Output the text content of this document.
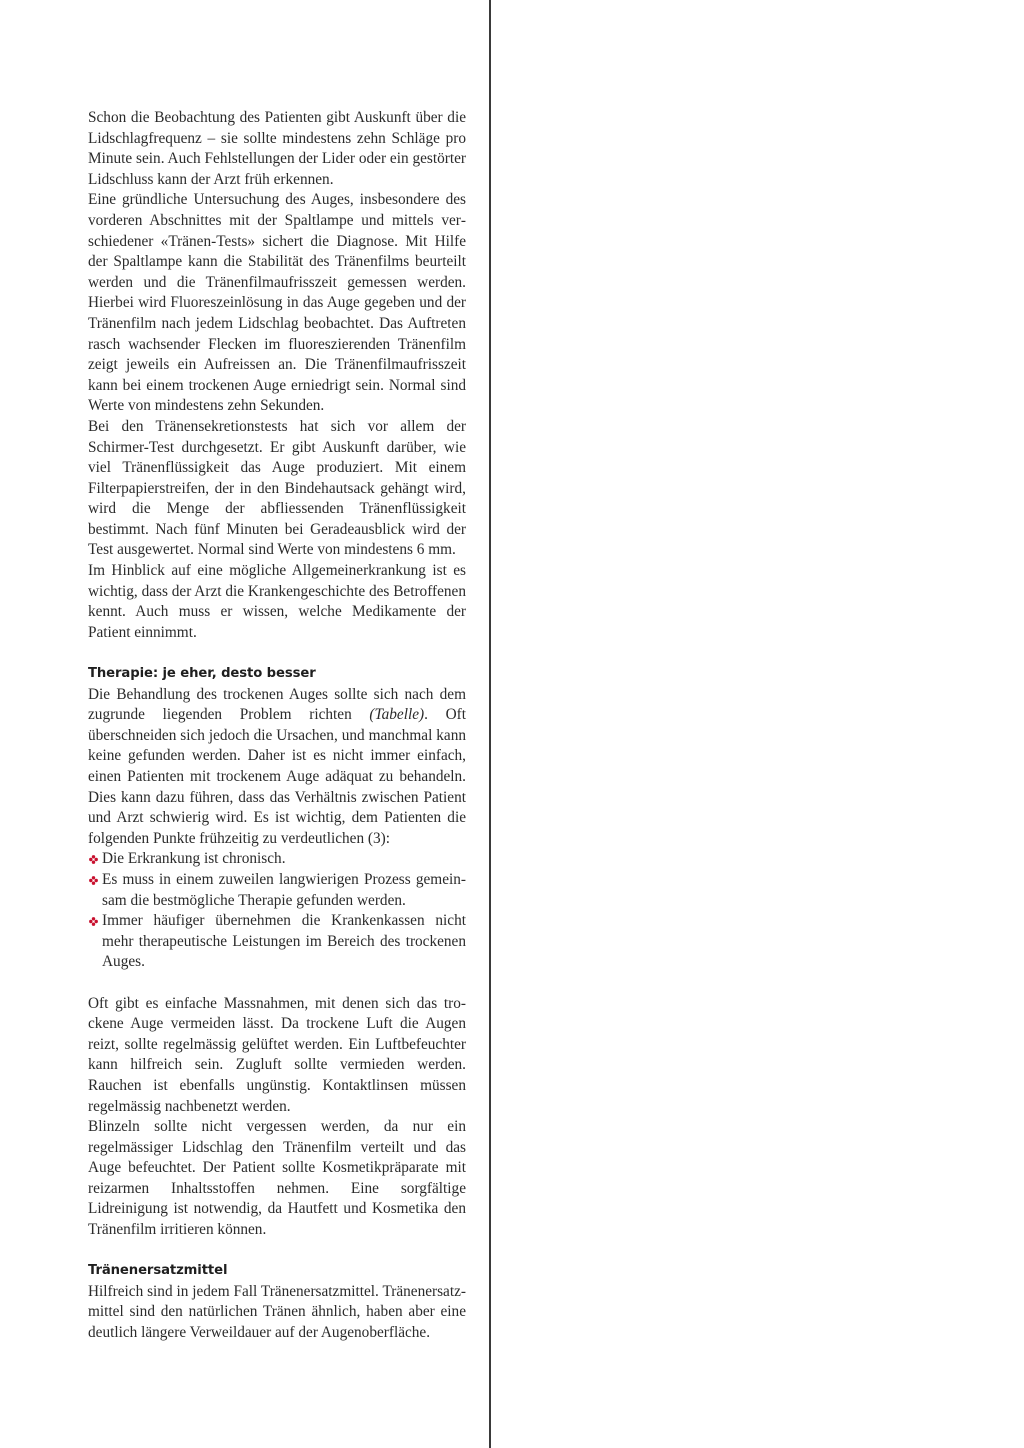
Schon die Beobachtung des Patienten gibt Auskunft über die Lidschlagfrequenz – sie sollte mindestens zehn Schläge pro Minute sein. Auch Fehlstellungen der Lider oder ein gestörter Lidschluss kann der Arzt früh erkennen.

Eine gründliche Untersuchung des Auges, insbesondere des vorderen Abschnittes mit der Spaltlampe und mittels verschiedener «Tränen-Tests» sichert die Diagnose. Mit Hilfe der Spaltlampe kann die Stabilität des Tränenfilms beurteilt werden und die Tränenfilmaufrisszeit gemessen werden. Hierbei wird Fluoreszeinlösung in das Auge gegeben und der Tränenfilm nach jedem Lidschlag beobachtet. Das Auftreten rasch wachsender Flecken im fluoreszierenden Tränenfilm zeigt jeweils ein Aufreissen an. Die Tränenfilmaufrisszeit kann bei einem trockenen Auge erniedrigt sein. Normal sind Werte von mindestens zehn Sekunden.

Bei den Tränensekretionstests hat sich vor allem der Schirmer-Test durchgesetzt. Er gibt Auskunft darüber, wie viel Tränenflüssigkeit das Auge produziert. Mit einem Filterpapierstreifen, der in den Bindehautsack gehängt wird, wird die Menge der abfliessenden Tränenflüssigkeit bestimmt. Nach fünf Minuten bei Geradeausblick wird der Test ausgewertet. Normal sind Werte von mindestens 6 mm.

Im Hinblick auf eine mögliche Allgemeinerkrankung ist es wichtig, dass der Arzt die Krankengeschichte des Betroffenen kennt. Auch muss er wissen, welche Medikamente der Patient einnimmt.

Therapie: je eher, desto besser

Die Behandlung des trockenen Auges sollte sich nach dem zugrunde liegenden Problem richten (Tabelle). Oft überschneiden sich jedoch die Ursachen, und manchmal kann keine gefunden werden. Daher ist es nicht immer einfach, einen Patienten mit trockenem Auge adäquat zu behandeln. Dies kann dazu führen, dass das Verhältnis zwischen Patient und Arzt schwierig wird. Es ist wichtig, dem Patienten die folgenden Punkte frühzeitig zu verdeutlichen (3):

Die Erkrankung ist chronisch.
Es muss in einem zuweilen langwierigen Prozess gemeinsam die bestmögliche Therapie gefunden werden.
Immer häufiger übernehmen die Krankenkassen nicht mehr therapeutische Leistungen im Bereich des trockenen Auges.

Oft gibt es einfache Massnahmen, mit denen sich das trockene Auge vermeiden lässt. Da trockene Luft die Augen reizt, sollte regelmässig gelüftet werden. Ein Luftbefeuchter kann hilfreich sein. Zugluft sollte vermieden werden. Rauchen ist ebenfalls ungünstig. Kontaktlinsen müssen regelmässig nachbenetzt werden.

Blinzeln sollte nicht vergessen werden, da nur ein regelmässiger Lidschlag den Tränenfilm verteilt und das Auge befeuchtet. Der Patient sollte Kosmetikpräparate mit reizarmen Inhaltsstoffen nehmen. Eine sorgfältige Lidreinigung ist notwendig, da Hautfett und Kosmetika den Tränenfilm irritieren können.

Tränenersatzmittel

Hilfreich sind in jedem Fall Tränenersatzmittel. Tränenersatzmittel sind den natürlichen Tränen ähnlich, haben aber eine deutlich längere Verweildauer auf der Augenoberfläche.
